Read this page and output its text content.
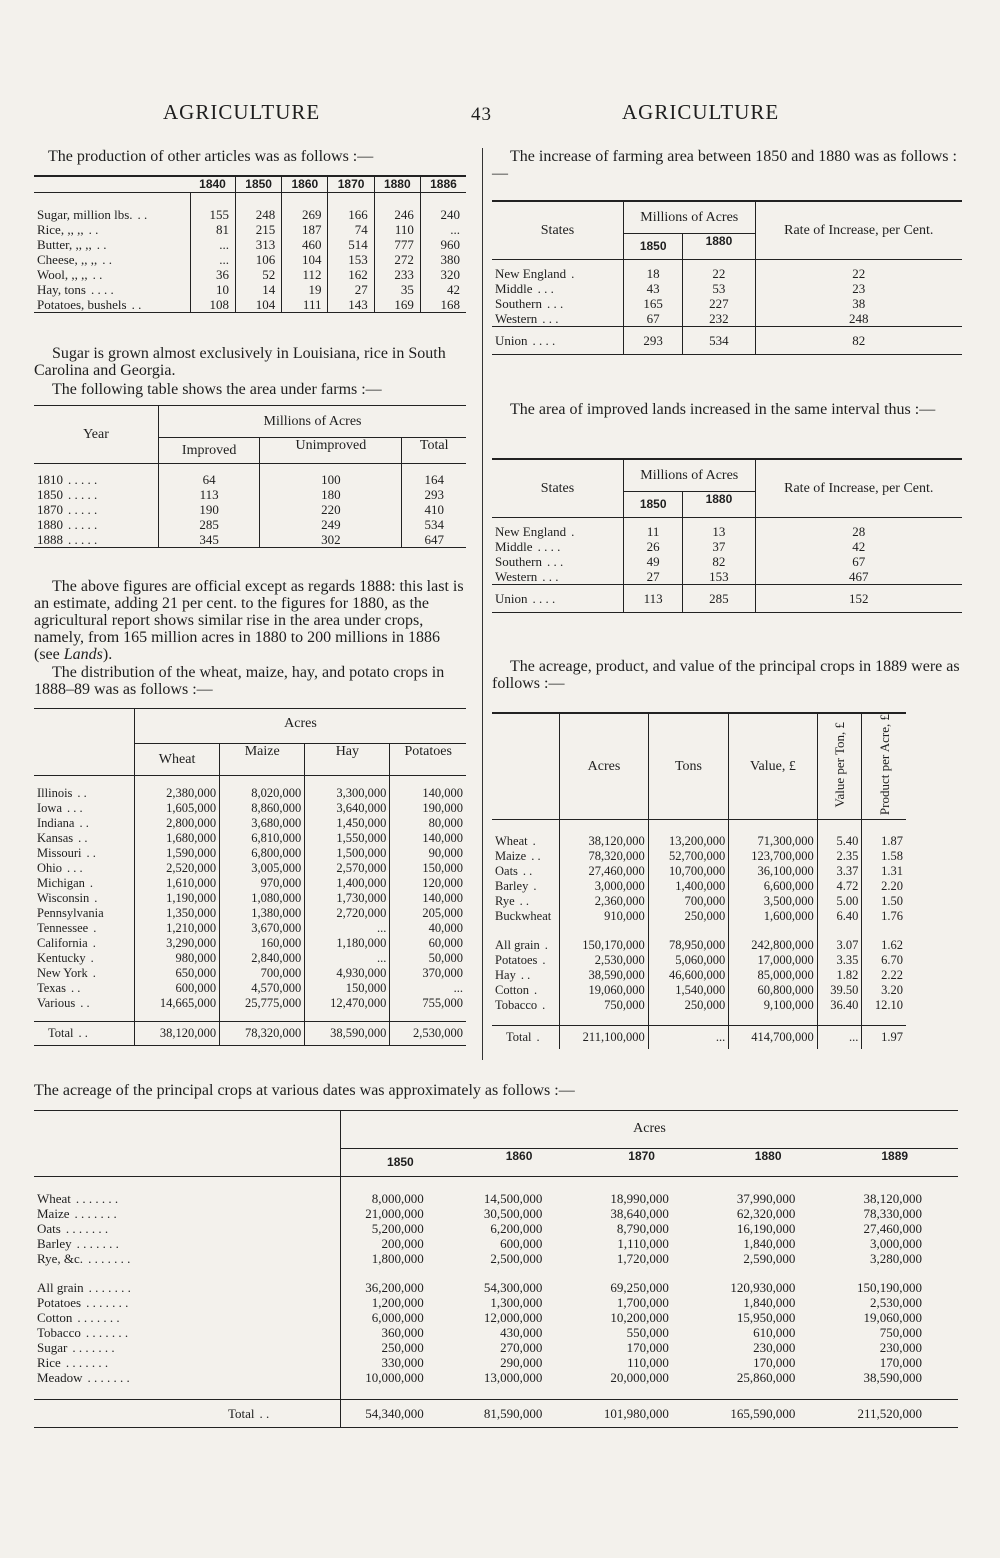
AGRICULTURE	43	AGRICULTURE
The production of other articles was as follows :—
	1840	1850	1860	1870	1880	1886
Sugar, million lbs. . .	155	248	269	166	246	240
Rice, ,, ,, . .	81	215	187	74	110	...
Butter, ,, ,, . .	...	313	460	514	777	960
Cheese, ,, ,, . .	...	106	104	153	272	380
Wool, ,, ,, . .	36	52	112	162	233	320
Hay, tons . . . .	10	14	19	27	35	42
Potatoes, bushels . .	108	104	111	143	169	168
Sugar is grown almost exclusively in Louisiana, rice in South Carolina and Georgia.
The following table shows the area under farms :—
Year	Millions of Acres		
	Improved	Unimproved	Total
1810 . . . . .	64	100	164
1850 . . . . .	113	180	293
1870 . . . . .	190	220	410
1880 . . . . .	285	249	534
1888 . . . . .	345	302	647
The above figures are official except as regards 1888: this last is an estimate, adding 21 per cent. to the figures for 1880, as the agricultural report shows similar rise in the area under crops, namely, from 165 million acres in 1880 to 200 millions in 1886 (see Lands).
The distribution of the wheat, maize, hay, and potato crops in 1888–89 was as follows :—
	Acres			
	Wheat	Maize	Hay	Potatoes
Illinois . .	2,380,000	8,020,000	3,300,000	140,000
Iowa . . .	1,605,000	8,860,000	3,640,000	190,000
Indiana . .	2,800,000	3,680,000	1,450,000	80,000
Kansas . .	1,680,000	6,810,000	1,550,000	140,000
Missouri . .	1,590,000	6,800,000	1,500,000	90,000
Ohio . . .	2,520,000	3,005,000	2,570,000	150,000
Michigan .	1,610,000	970,000	1,400,000	120,000
Wisconsin .	1,190,000	1,080,000	1,730,000	140,000
Pennsylvania	1,350,000	1,380,000	2,720,000	205,000
Tennessee .	1,210,000	3,670,000	...	40,000
California .	3,290,000	160,000	1,180,000	60,000
Kentucky .	980,000	2,840,000	...	50,000
New York .	650,000	700,000	4,930,000	370,000
Texas . .	600,000	4,570,000	150,000	...
Various . .	14,665,000	25,775,000	12,470,000	755,000

Total . .	38,120,000	78,320,000	38,590,000	2,530,000
The increase of farming area between 1850 and 1880 was as follows :—
States	Millions of Acres		Rate of Increase, per Cent.
	1850	1880	
New England .	18	22	22
Middle . . .	43	53	23
Southern . . .	165	227	38
Western . . .	67	232	248
Union . . . .	293	534	82
The area of improved lands increased in the same interval thus :—
States	Millions of Acres		Rate of Increase, per Cent.
	1850	1880	
New England .	11	13	28
Middle . . . .	26	37	42
Southern . . .	49	82	67
Western . . .	27	153	467
Union . . . .	113	285	152
The acreage, product, and value of the principal crops in 1889 were as follows :—
	Acres	Tons	Value, £	Value per Ton, £	Product per Acre, £
Wheat .	38,120,000	13,200,000	71,300,000	5.40	1.87
Maize . .	78,320,000	52,700,000	123,700,000	2.35	1.58
Oats . .	27,460,000	10,700,000	36,100,000	3.37	1.31
Barley .	3,000,000	1,400,000	6,600,000	4.72	2.20
Rye . .	2,360,000	700,000	3,500,000	5.00	1.50
Buckwheat	910,000	250,000	1,600,000	6.40	1.76

All grain .	150,170,000	78,950,000	242,800,000	3.07	1.62
Potatoes .	2,530,000	5,060,000	17,000,000	3.35	6.70
Hay . .	38,590,000	46,600,000	85,000,000	1.82	2.22
Cotton .	19,060,000	1,540,000	60,800,000	39.50	3.20
Tobacco .	750,000	250,000	9,100,000	36.40	12.10

Total .	211,100,000	...	414,700,000	...	1.97
The acreage of the principal crops at various dates was approximately as follows :—
	Acres				
	1850	1860	1870	1880	1889
Wheat . . . . . . .	8,000,000	14,500,000	18,990,000	37,990,000	38,120,000
Maize . . . . . . .	21,000,000	30,500,000	38,640,000	62,320,000	78,330,000
Oats . . . . . . .	5,200,000	6,200,000	8,790,000	16,190,000	27,460,000
Barley . . . . . . .	200,000	600,000	1,110,000	1,840,000	3,000,000
Rye, &c. . . . . . . .	1,800,000	2,500,000	1,720,000	2,590,000	3,280,000

All grain . . . . . . .	36,200,000	54,300,000	69,250,000	120,930,000	150,190,000
Potatoes . . . . . . .	1,200,000	1,300,000	1,700,000	1,840,000	2,530,000
Cotton . . . . . . .	6,000,000	12,000,000	10,200,000	15,950,000	19,060,000
Tobacco . . . . . . .	360,000	430,000	550,000	610,000	750,000
Sugar . . . . . . .	250,000	270,000	170,000	230,000	230,000
Rice . . . . . . .	330,000	290,000	110,000	170,000	170,000
Meadow . . . . . . .	10,000,000	13,000,000	20,000,000	25,860,000	38,590,000

Total . .	54,340,000	81,590,000	101,980,000	165,590,000	211,520,000
